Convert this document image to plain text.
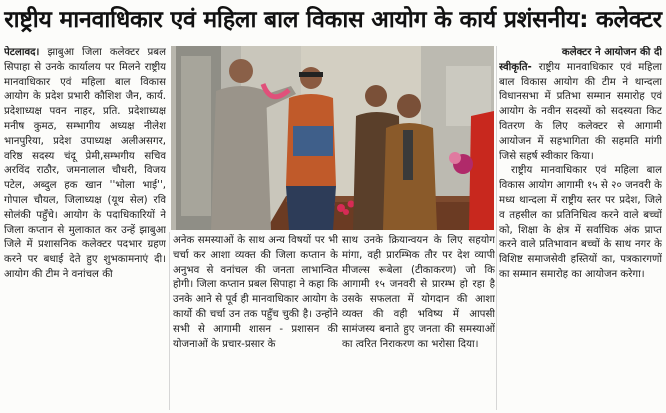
राष्ट्रीय मानवाधिकार एवं महिला बाल विकास आयोग के कार्य प्रशंसनीय: कलेक्टर

पेटलावद। झाबुआ जिला कलेक्टर प्रबल सिपाहा से उनके कार्यालय पर मिलने राष्ट्रीय मानवाधिकार एवं महिला बाल विकास आयोग के प्रदेश प्रभारी कौशिश जैन, कार्य. प्रदेशाध्यक्ष पवन नाहर, प्रति. प्रदेशाध्यक्ष मनीष कुमठ, सम्भागीय अध्यक्ष नीलेश भानपुरिया, प्रदेश उपाध्यक्ष अलीअसगर, वरिष्ठ सदस्य चंदू प्रेमी,सम्भगीय सचिव अरविंद राठौर, जमनालाल चौधरी, विजय पटेल, अब्दुल हक खान ''भोला भाई'', गोपाल चौयल, जिलाध्यक्ष (यूथ सेल) रवि सोलंकी पहुँचे। आयोग के पदाधिकारियों ने जिला कप्तान से मुलाकात कर उन्हें झाबुआ जिले में प्रशासनिक कलेक्टर पदभार ग्रहण करने पर बधाई देते हुए शुभकामनाएं दी। आयोग की टीम ने वनांचल की

अनेक समस्याओं के साथ अन्य विषयों पर भी चर्चा कर आशा व्यक्त की जिला कप्तान के अनुभव से वनांचल की जनता लाभान्वित होगी। जिला कप्तान प्रबल सिपाहा ने कहा कि उनके आने से पूर्व ही मानवाधिकार आयोग के कार्यो की चर्चा उन तक पहुँच चुकी है। उन्होंने सभी से आगामी शासन - प्रशासन की योजनाओं के प्रचार-प्रसार के

साथ उनके क्रियान्वयन के लिए सहयोग मांगा, वही प्रारम्भिक तौर पर देश व्यापी मीजल्स रूबेला (टीकाकरण) जो कि आगामी १५ जनवरी से प्रारम्भ हो रहा है उसके सफलता में योगदान की आशा व्यक्त की वही भविष्य में आपसी सामंजस्य बनाते हुए जनता की समस्याओं का त्वरित निराकरण का भरोसा दिया।

कलेक्टर ने आयोजन की दी

स्वीकृति- राष्ट्रीय मानवाधिकार एवं महिला बाल विकास आयोग की टीम ने थान्दला विधानसभा में प्रतिभा सम्मान समारोह एवं आयोग के नवीन सदस्यों को सदस्यता किट वितरण के लिए कलेक्टर से आगामी आयोजन में सहभागिता की सहमति मांगी जिसे सहर्ष स्वीकार किया।

राष्ट्रीय मानवाधिकार एवं महिला बाल विकास आयोग आगामी १५ से २० जनवरी के मध्य थान्दला में राष्ट्रीय स्तर पर प्रदेश, जिले व तहसील का प्रतिनिधित्व करने वाले बच्चों को, शिक्षा के क्षेत्र में सर्वाधिक अंक प्राप्त करने वाले प्रतिभावान बच्चों के साथ नगर के विशिष्ट समाजसेवी हस्तियों का, पत्रकारगणों का सम्मान समारोह का आयोजन करेगा।
